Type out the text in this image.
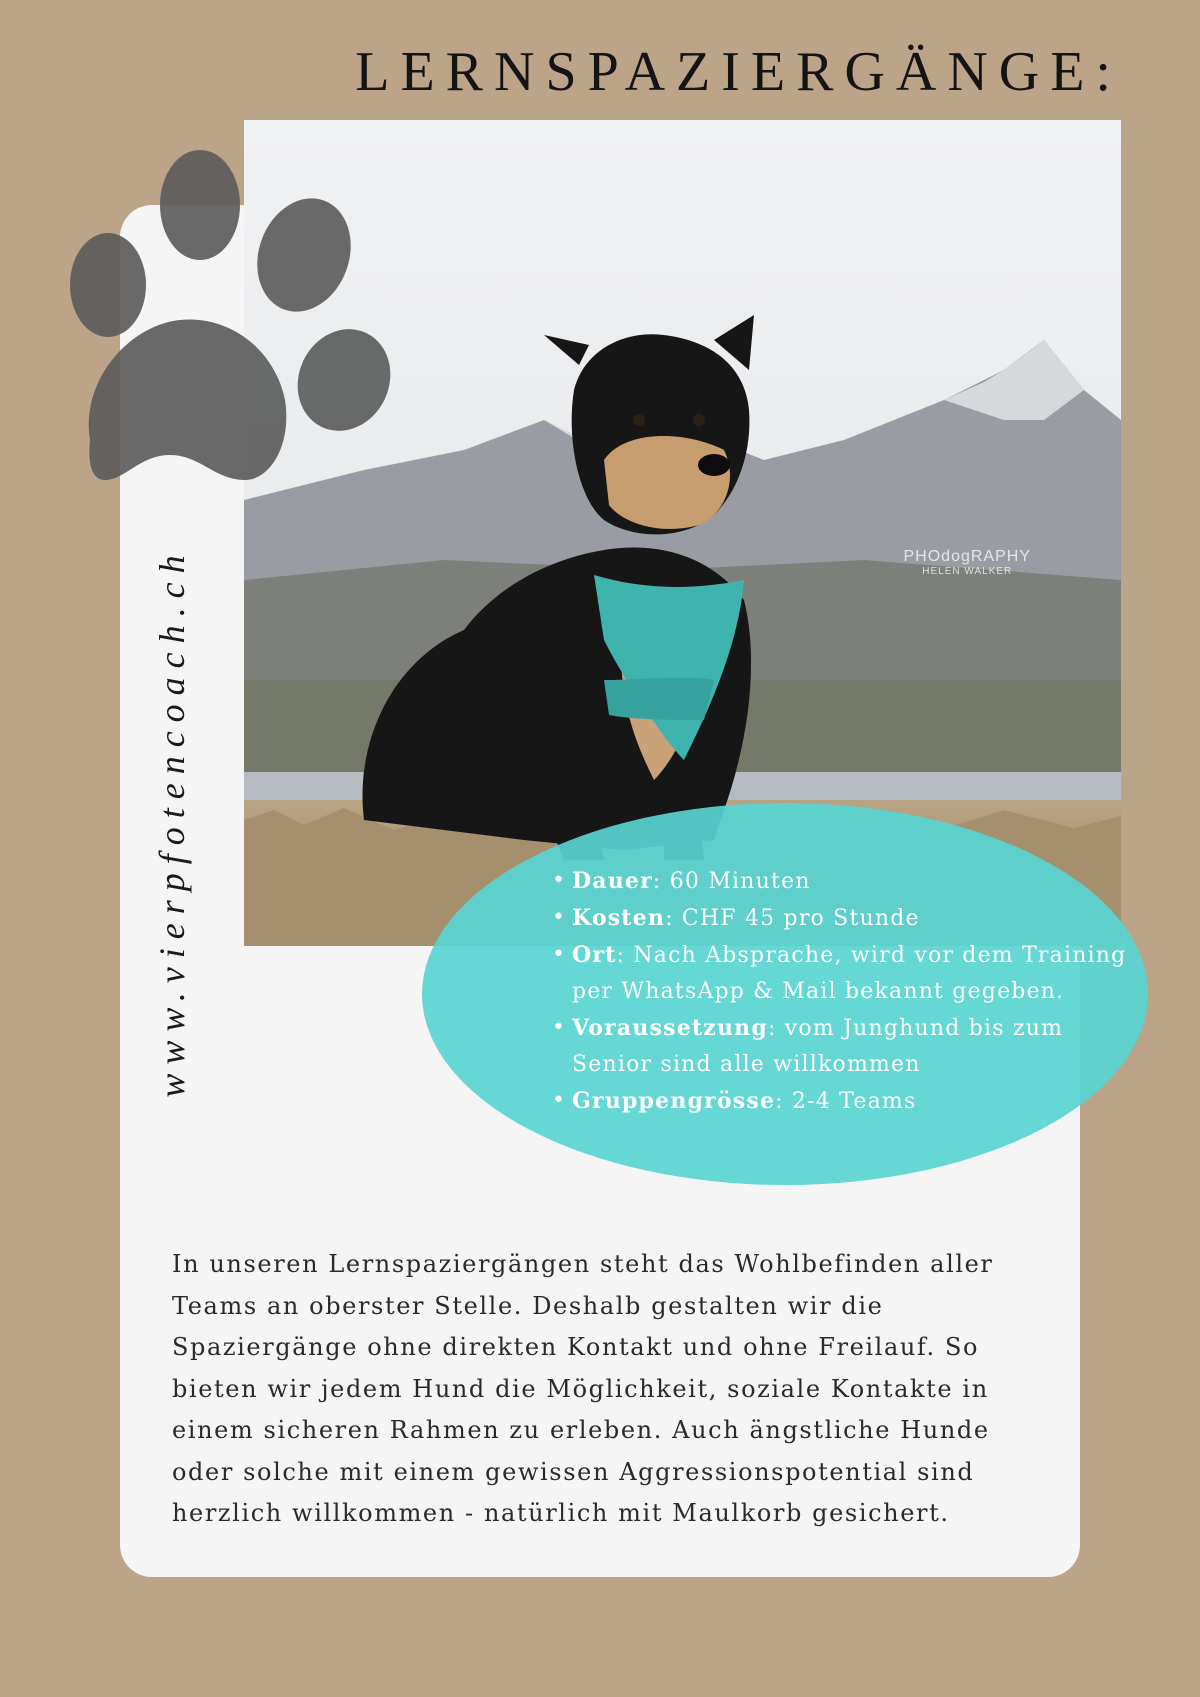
LERNSPAZIERGÄNGE:
PHOdogRAPHY
HELEN WALKER
www.vierpfotencoach.ch
•	Dauer: 60 Minuten
• Kosten: CHF 45 pro Stunde
• Ort: Nach Absprache, wird vor dem Training per WhatsApp & Mail bekannt gegeben.
• Voraussetzung: vom Junghund bis zum Senior sind alle willkommen
• Gruppengrösse: 2-4 Teams

In unseren Lernspaziergängen steht das Wohlbefinden aller Teams an oberster Stelle. Deshalb gestalten wir die Spaziergänge ohne direkten Kontakt und ohne Freilauf. So bieten wir jedem Hund die Möglichkeit, soziale Kontakte in einem sicheren Rahmen zu erleben. Auch ängstliche Hunde oder solche mit einem gewissen Aggressionspotential sind herzlich willkommen - natürlich mit Maulkorb gesichert.
